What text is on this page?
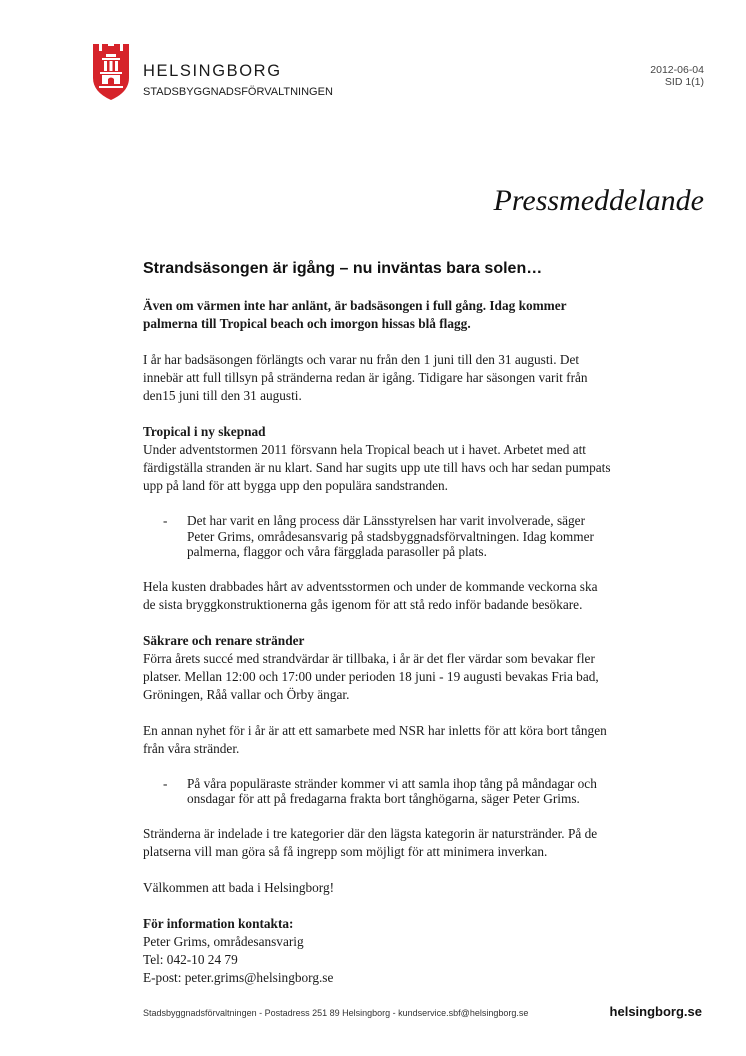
HELSINGBORG
STADSBYGGNADSFÖRVALTNINGEN
2012-06-04
SID 1(1)
Pressmeddelande
Strandsäsongen är igång – nu inväntas bara solen…

Även om värmen inte har anlänt, är badsäsongen i full gång. Idag kommer palmerna till Tropical beach och imorgon hissas blå flagg.

I år har badsäsongen förlängts och varar nu från den 1 juni till den 31 augusti. Det innebär att full tillsyn på stränderna redan är igång. Tidigare har säsongen varit från den15 juni till den 31 augusti.

Tropical i ny skepnad
Under adventstormen 2011 försvann hela Tropical beach ut i havet. Arbetet med att färdigställa stranden är nu klart. Sand har sugits upp ute till havs och har sedan pumpats upp på land för att bygga upp den populära sandstranden.

- Det har varit en lång process där Länsstyrelsen har varit involverade, säger Peter Grims, områdesansvarig på stadsbyggnadsförvaltningen. Idag kommer palmerna, flaggor och våra färgglada parasoller på plats.

Hela kusten drabbades hårt av adventsstormen och under de kommande veckorna ska de sista bryggkonstruktionerna gås igenom för att stå redo inför badande besökare.

Säkrare och renare stränder
Förra årets succé med strandvärdar är tillbaka, i år är det fler värdar som bevakar fler platser. Mellan 12:00 och 17:00 under perioden 18 juni - 19 augusti bevakas Fria bad, Gröningen, Råå vallar och Örby ängar.

En annan nyhet för i år är att ett samarbete med NSR har inletts för att köra bort tången från våra stränder.

- På våra populäraste stränder kommer vi att samla ihop tång på måndagar och onsdagar för att på fredagarna frakta bort tånghögarna, säger Peter Grims.

Stränderna är indelade i tre kategorier där den lägsta kategorin är naturstränder. På de platserna vill man göra så få ingrepp som möjligt för att minimera inverkan.

Välkommen att bada i Helsingborg!

För information kontakta:
Peter Grims, områdesansvarig
Tel: 042-10 24 79
E-post: peter.grims@helsingborg.se
Stadsbyggnadsförvaltningen - Postadress 251 89 Helsingborg - kundservice.sbf@helsingborg.se	helsingborg.se
